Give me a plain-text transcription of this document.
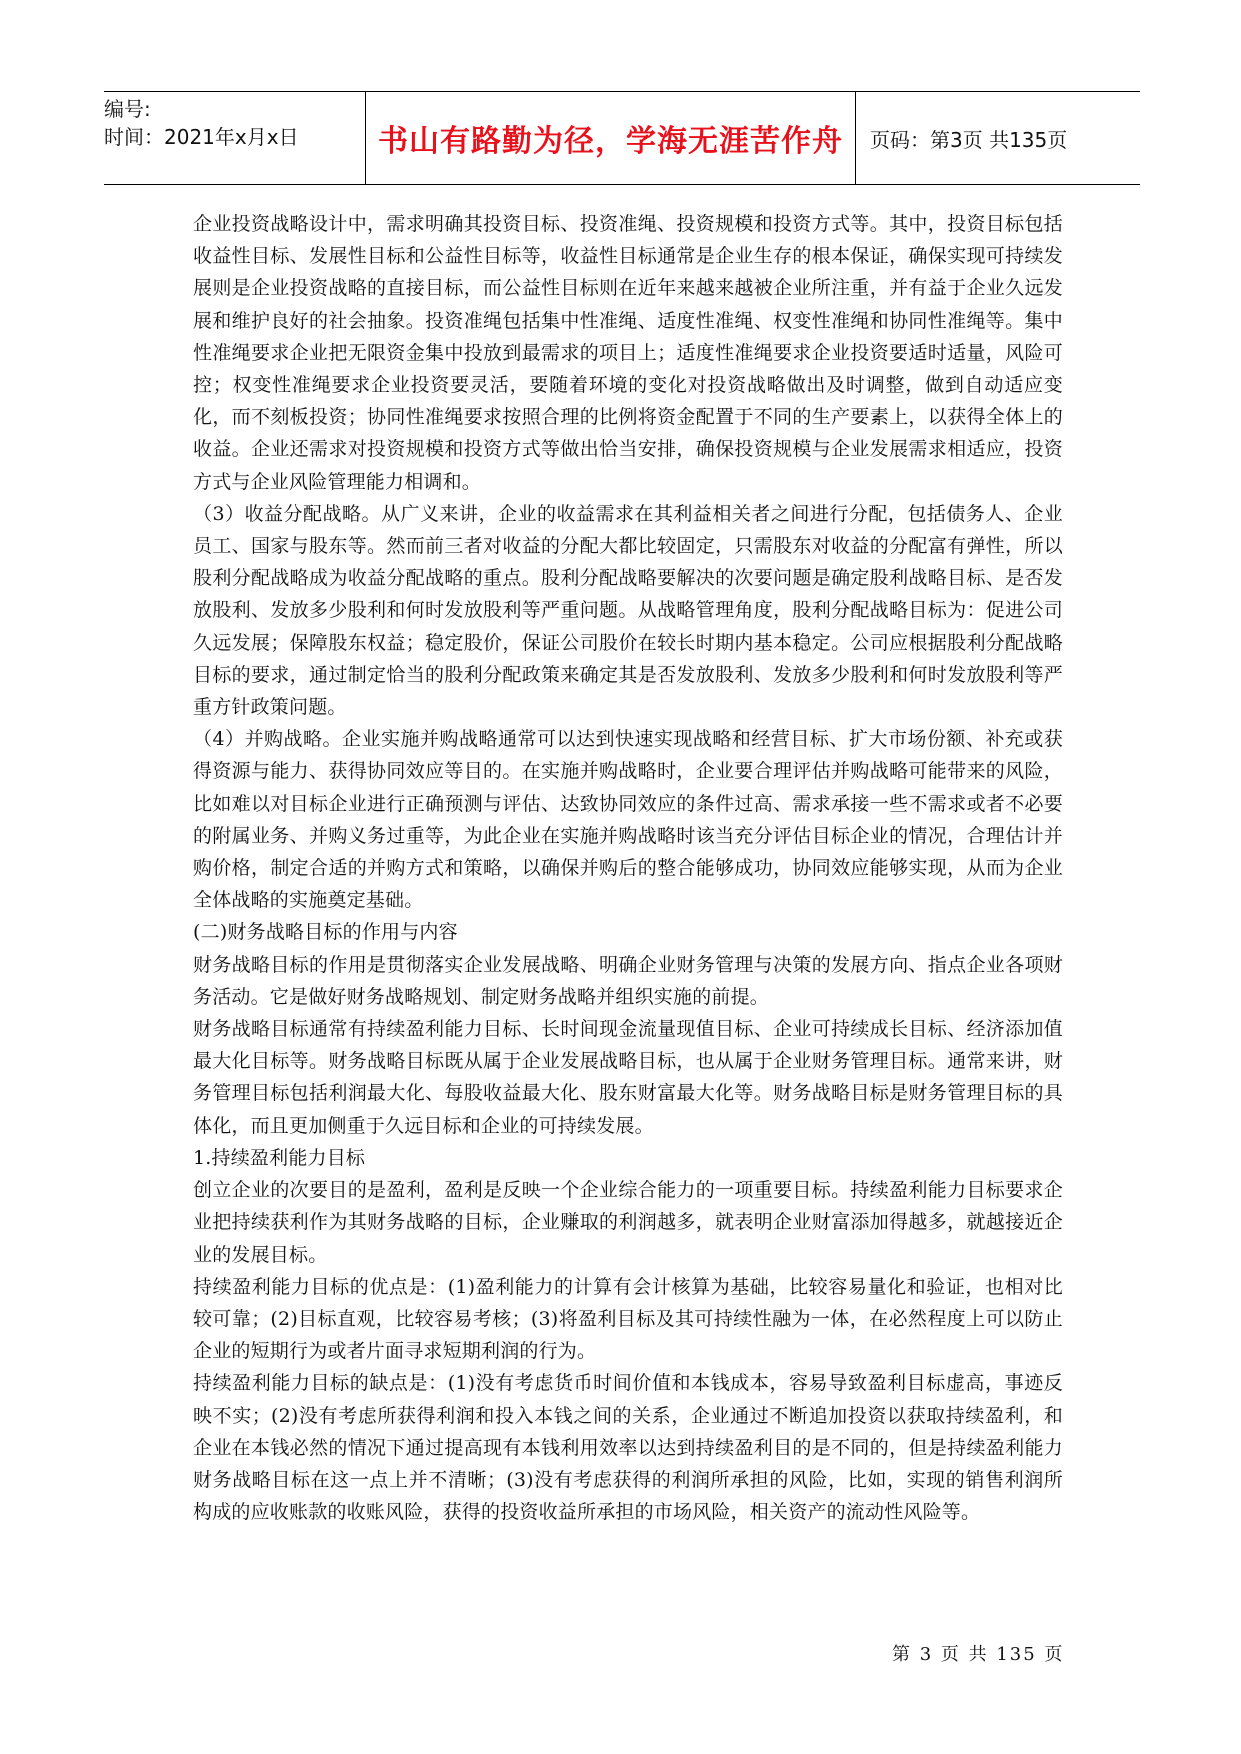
编号:
时间：2021年x月x日	书山有路勤为径，学海无涯苦作舟	页码：第3页 共135页

企业投资战略设计中，需求明确其投资目标、投资准绳、投资规模和投资方式等。其中，投资目标包括收益性目标、发展性目标和公益性目标等，收益性目标通常是企业生存的根本保证，确保实现可持续发展则是企业投资战略的直接目标，而公益性目标则在近年来越来越被企业所注重，并有益于企业久远发展和维护良好的社会抽象。投资准绳包括集中性准绳、适度性准绳、权变性准绳和协同性准绳等。集中性准绳要求企业把无限资金集中投放到最需求的项目上；适度性准绳要求企业投资要适时适量，风险可控；权变性准绳要求企业投资要灵活，要随着环境的变化对投资战略做出及时调整，做到自动适应变化，而不刻板投资；协同性准绳要求按照合理的比例将资金配置于不同的生产要素上，以获得全体上的收益。企业还需求对投资规模和投资方式等做出恰当安排，确保投资规模与企业发展需求相适应，投资方式与企业风险管理能力相调和。

（3）收益分配战略。从广义来讲，企业的收益需求在其利益相关者之间进行分配，包括债务人、企业员工、国家与股东等。然而前三者对收益的分配大都比较固定，只需股东对收益的分配富有弹性，所以股利分配战略成为收益分配战略的重点。股利分配战略要解决的次要问题是确定股利战略目标、是否发放股利、发放多少股利和何时发放股利等严重问题。从战略管理角度，股利分配战略目标为：促进公司久远发展；保障股东权益；稳定股价，保证公司股价在较长时期内基本稳定。公司应根据股利分配战略目标的要求，通过制定恰当的股利分配政策来确定其是否发放股利、发放多少股利和何时发放股利等严重方针政策问题。

（4）并购战略。企业实施并购战略通常可以达到快速实现战略和经营目标、扩大市场份额、补充或获得资源与能力、获得协同效应等目的。在实施并购战略时，企业要合理评估并购战略可能带来的风险，比如难以对目标企业进行正确预测与评估、达致协同效应的条件过高、需求承接一些不需求或者不必要的附属业务、并购义务过重等，为此企业在实施并购战略时该当充分评估目标企业的情况，合理估计并购价格，制定合适的并购方式和策略，以确保并购后的整合能够成功，协同效应能够实现，从而为企业全体战略的实施奠定基础。

(二)财务战略目标的作用与内容

财务战略目标的作用是贯彻落实企业发展战略、明确企业财务管理与决策的发展方向、指点企业各项财务活动。它是做好财务战略规划、制定财务战略并组织实施的前提。

财务战略目标通常有持续盈利能力目标、长时间现金流量现值目标、企业可持续成长目标、经济添加值最大化目标等。财务战略目标既从属于企业发展战略目标，也从属于企业财务管理目标。通常来讲，财务管理目标包括利润最大化、每股收益最大化、股东财富最大化等。财务战略目标是财务管理目标的具体化，而且更加侧重于久远目标和企业的可持续发展。

1.持续盈利能力目标

创立企业的次要目的是盈利，盈利是反映一个企业综合能力的一项重要目标。持续盈利能力目标要求企业把持续获利作为其财务战略的目标，企业赚取的利润越多，就表明企业财富添加得越多，就越接近企业的发展目标。

持续盈利能力目标的优点是：(1)盈利能力的计算有会计核算为基础，比较容易量化和验证，也相对比较可靠；(2)目标直观，比较容易考核；(3)将盈利目标及其可持续性融为一体，在必然程度上可以防止企业的短期行为或者片面寻求短期利润的行为。

持续盈利能力目标的缺点是：(1)没有考虑货币时间价值和本钱成本，容易导致盈利目标虚高，事迹反映不实；(2)没有考虑所获得利润和投入本钱之间的关系，企业通过不断追加投资以获取持续盈利，和企业在本钱必然的情况下通过提高现有本钱利用效率以达到持续盈利目的是不同的，但是持续盈利能力财务战略目标在这一点上并不清晰；(3)没有考虑获得的利润所承担的风险，比如，实现的销售利润所构成的应收账款的收账风险，获得的投资收益所承担的市场风险，相关资产的流动性风险等。

第 3 页 共 135 页
